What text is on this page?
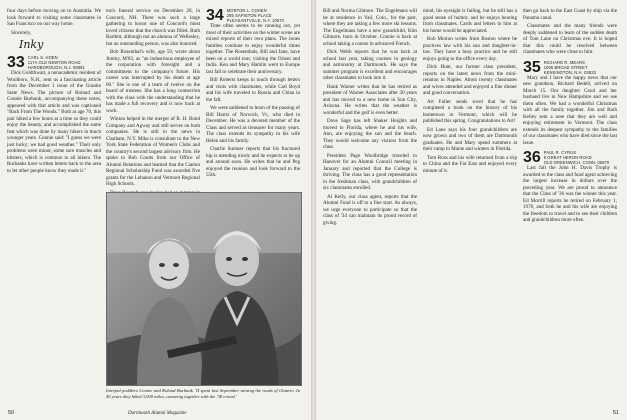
four days before moving on to Australia. We look forward to visiting some classmates in San Francisco on our way home.

Sincerely,

Inky
33 CARL S. HOEN
117A OLD NEWTON ROAD
HARDBOROUGH, N.J. 08891

Dick Goldthwait, a nonacademic resident of Woolboro, N.H., sent us a fascinating article from the December 1 issue of the Granite State News. The picture of Roland and Connie Burbank, accompanying these notes, appeared with that article and was captioned "Back From The Woods." Both at age 70, this pair hiked a few hours at a time so they could enjoy the beauty, and accomplished the same feat which was done by many hikers in much younger years. Connie said: "I guess we were just lucky; we had good weather." Their only problems were minor, some sore muscles and blisters, which is common to all hikers. The Burbanks have written letters back to the area to let other people know they made it."

ton's funeral service on December 28, in Concord, NH. There was such a large gathering to honor one of Concord's most loved citizens that the church was filled. Ruth Bartlett, although not an alumna of Wellesley, but an outstanding person, was also honored.

Bob Rosenthal's wife, age 59, wrote about Jimmy, M'63, as "an industrious employee of the corporation with foresight and a commitment to the company's future. His career was interrupted by his death at age 60." She is one of a team of twelve on the board of trustees. She has a long connection with the class with the understanding that he has made a full recovery and is now back at work.

Winton helped in the merger of R. H. Bond Company and Agway and still serves on both companies. He is still in the news in Chatham, N.Y. Mike is consultant to the New York State Federation of Women's Clubs and the country's second largest advisory firm. He spoke to Bob Coutts from our Office of Alumni Relations and learned that the Canton Regional Scholarship Fund was awarded five grants for the Lebanon and Vermont Regional High Schools.

34 MORTON L. COHEN
285 SAPISTON PLACE
PLEASANTVILLE, N.Y. 10570

Time often seems to be running out, yet most of their activities on the winter scene are mixed reports of their own plans. The Jones families continue to enjoy wonderful times together. The Rosenthals, Bill and Jane, have been on a world tour, visiting the Orient and India. Ken and Mary Hamlin went to Europe last fall to celebrate their anniversary.

Bill Roberts keeps in touch through letters and visits with classmates, while Carl Boyd and his wife traveled to Russia and China in the fall.

We were saddened to learn of the passing of Bill Harris of Norwich, Vt., who died in December. He was a devoted member of the Class and served as treasurer for many years. The class extends its sympathy to his wife Helen and his family.

Charlie Sumner reports that his fractured hip is mending nicely and he expects to be up and around soon. He writes that he and Peg enjoyed the reunion and look forward to the 55th.

Intrepid peddlers Connie and Roland Burbank. 'II spent last September turning the roads of Ontario. In 40 years they hiked 3,000 miles, canoeing together with the '38 crowd.'
50	Dartmouth Alumni Magazine

Bill and Norma Gilmore. The Engelmans will be at residence in Vail, Colo., for the past, where they are taking a few more ski lessons. The Engelmans have a new grandchild, Kim Gilmore, born in October. Connie is back at school taking a course in advanced French.

Dick Webb reports that he was back at school last year, taking courses in geology and astronomy at Dartmouth. He says the summer program is excellent and encourages other classmates to look into it.

Hank Warner writes that he has retired as president of Warner Associates after 30 years and has moved to a new home in Sun City, Arizona. He writes that the weather is wonderful and the golf is even better.

Dave Sage has left Shaker Heights and moved to Florida, where he and his wife, Ann, are enjoying the sun and the beach. They would welcome any visitors from the class.

President Page Woolbridge traveled to Hanover for an Alumni Council meeting in January and reported that the College is thriving. The class has a good representation in the freshman class, with grandchildren of six classmates enrolled.

Al Kelly, our class agent, reports that the Alumni Fund is off to a fine start. As always, we urge everyone to participate so that the class of '34 can maintain its proud record of giving.

mind, his eyesight is failing, but he still has a good sense of humor, and he enjoys hearing from classmates. Cards and letters to him at his home would be appreciated.

Bob Morton writes from Boston where he practices law with his son and daughter-in-law. They have a busy practice and he still enjoys going to the office every day.

Dick Hunt, our former class president, reports on the latest news from the mini-reunion in Naples. About twenty classmates and wives attended and enjoyed a fine dinner and good conversation.

Art Fuller sends word that he has completed a book on the history of his hometown in Vermont, which will be published this spring. Congratulations to Art!

Ed Lane says his four grandchildren are now grown and two of them are Dartmouth graduates. He and Mary spend summers at their camp in Maine and winters in Florida.

Tom Ross and his wife returned from a trip to China and the Far East and enjoyed every minute of it.

then go back to the East Coast by ship via the Panama canal.

Classmates and the many friends were deeply saddened to learn of the sudden death of Tom Lane on Christmas eve. It is hoped that this could be resolved between classmates who were close to him.

35 RICHARD R. MEARS
1005 BROAD STREET
KENSINGTON, N.H. 03833

Mary and I have the happy news that our new grandson, Richard Bedell, arrived on March 15. Our daughter Carol and her husband live in New Hampshire and we see them often. We had a wonderful Christmas with all the family together. Jim and Ruth Kelley sent a note that they are well and enjoying retirement in Vermont. The class extends its deepest sympathy to the families of our classmates who have died since the last issue.

36 PAUL R. CYRUS
6 GREAT HERON ROAD
OLD GREENWICH, CONN. 06870

Last fall the John H. Davis Trophy is awarded to the class and fund agent achieving the largest increase in dollars over the preceding year. We are proud to announce that the Class of '36 was the winner this year. Ed Morrill reports he retired on February 1, 1976, and both he and his wife are enjoying the freedom to travel and to see their children and grandchildren more often.

51
